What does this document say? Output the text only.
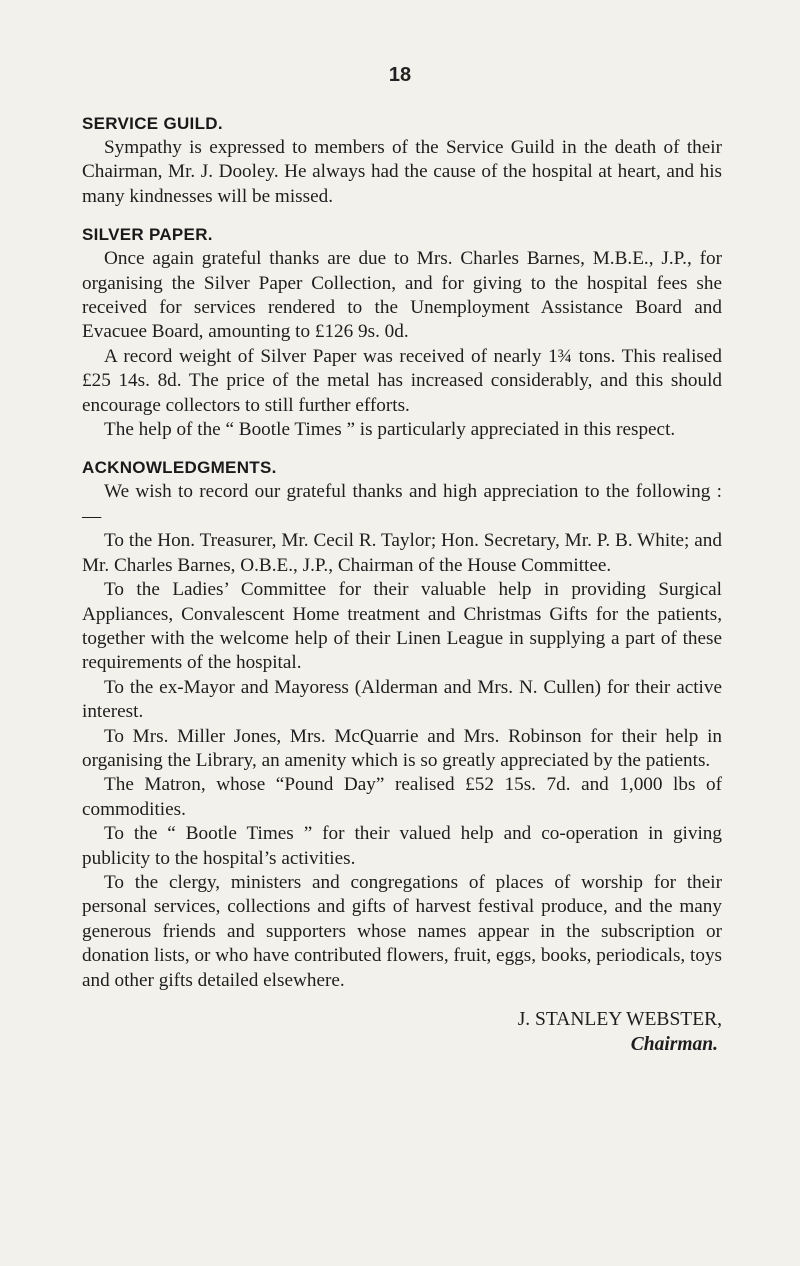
18
SERVICE GUILD.

Sympathy is expressed to members of the Service Guild in the death of their Chairman, Mr. J. Dooley. He always had the cause of the hospital at heart, and his many kindnesses will be missed.

SILVER PAPER.

Once again grateful thanks are due to Mrs. Charles Barnes, M.B.E., J.P., for organising the Silver Paper Collection, and for giving to the hospital fees she received for services rendered to the Unemployment Assistance Board and Evacuee Board, amounting to £126 9s. 0d.

A record weight of Silver Paper was received of nearly 1¾ tons. This realised £25 14s. 8d. The price of the metal has increased considerably, and this should encourage collectors to still further efforts.

The help of the “ Bootle Times ” is particularly appreciated in this respect.

ACKNOWLEDGMENTS.

We wish to record our grateful thanks and high appreciation to the following : —

To the Hon. Treasurer, Mr. Cecil R. Taylor; Hon. Secretary, Mr. P. B. White; and Mr. Charles Barnes, O.B.E., J.P., Chairman of the House Committee.

To the Ladies’ Committee for their valuable help in providing Surgical Appliances, Convalescent Home treatment and Christmas Gifts for the patients, together with the welcome help of their Linen League in supplying a part of these requirements of the hospital.

To the ex-Mayor and Mayoress (Alderman and Mrs. N. Cullen) for their active interest.

To Mrs. Miller Jones, Mrs. McQuarrie and Mrs. Robinson for their help in organising the Library, an amenity which is so greatly appreciated by the patients.

The Matron, whose “Pound Day” realised £52 15s. 7d. and 1,000 lbs of commodities.

To the “ Bootle Times ” for their valued help and co-operation in giving publicity to the hospital’s activities.

To the clergy, ministers and congregations of places of worship for their personal services, collections and gifts of harvest festival produce, and the many generous friends and supporters whose names appear in the subscription or donation lists, or who have contributed flowers, fruit, eggs, books, periodicals, toys and other gifts detailed elsewhere.

J. STANLEY WEBSTER,
Chairman.
